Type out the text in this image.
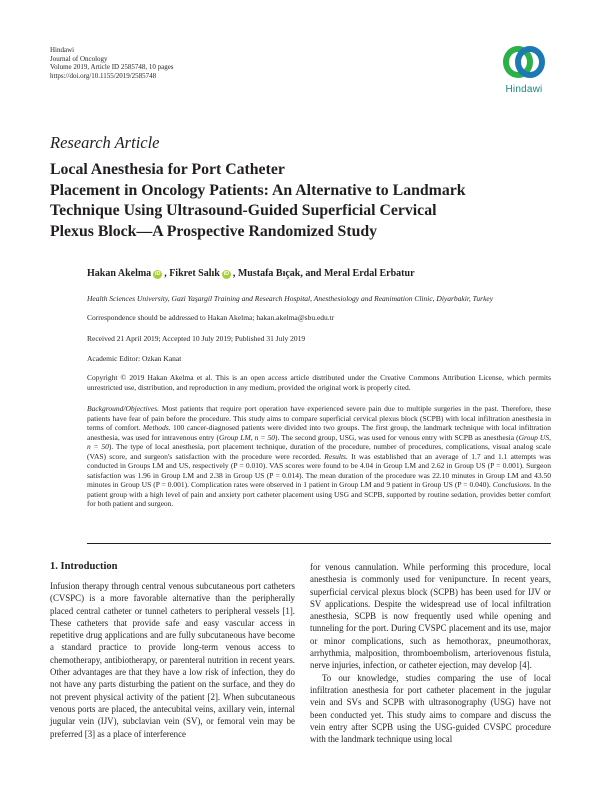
Hindawi
Journal of Oncology
Volume 2019, Article ID 2585748, 10 pages
https://doi.org/10.1155/2019/2585748
Hindawi
Research Article
Local Anesthesia for Port Catheter
Placement in Oncology Patients: An Alternative to Landmark
Technique Using Ultrasound-Guided Superficial Cervical
Plexus Block—A Prospective Randomized Study
Hakan Akelma iD , Fikret Salık iD , Mustafa Bıçak, and Meral Erdal Erbatur
Health Sciences University, Gazi Yaşargil Training and Research Hospital, Anesthesiology and Reanimation Clinic, Diyarbakir, Turkey
Correspondence should be addressed to Hakan Akelma; hakan.akelma@sbu.edu.tr
Received 21 April 2019; Accepted 10 July 2019; Published 31 July 2019
Academic Editor: Ozkan Kanat
Copyright © 2019 Hakan Akelma et al. This is an open access article distributed under the Creative Commons Attribution License, which permits unrestricted use, distribution, and reproduction in any medium, provided the original work is properly cited.
Background/Objectives. Most patients that require port operation have experienced severe pain due to multiple surgeries in the past. Therefore, these patients have fear of pain before the procedure. This study aims to compare superficial cervical plexus block (SCPB) with local infiltration anesthesia in terms of comfort. Methods. 100 cancer-diagnosed patients were divided into two groups. The first group, the landmark technique with local infiltration anesthesia, was used for intravenous entry (Group LM, n = 50). The second group, USG, was used for venous entry with SCPB as anesthesia (Group US, n = 50). The type of local anesthesia, port placement technique, duration of the procedure, number of procedures, complications, visual analog scale (VAS) score, and surgeon's satisfaction with the procedure were recorded. Results. It was established that an average of 1.7 and 1.1 attempts was conducted in Groups LM and US, respectively (P = 0.010). VAS scores were found to be 4.04 in Group LM and 2.62 in Group US (P = 0.001). Surgeon satisfaction was 1.96 in Group LM and 2.38 in Group US (P = 0.014). The mean duration of the procedure was 22.10 minutes in Group LM and 43.50 minutes in Group US (P = 0.001). Complication rates were observed in 1 patient in Group LM and 9 patient in Group US (P = 0.040). Conclusions. In the patient group with a high level of pain and anxiety port catheter placement using USG and SCPB, supported by routine sedation, provides better comfort for both patient and surgeon.
1. Introduction

Infusion therapy through central venous subcutaneous port catheters (CVSPC) is a more favorable alternative than the peripherally placed central catheter or tunnel catheters to peripheral vessels [1]. These catheters that provide safe and easy vascular access in repetitive drug applications and are fully subcutaneous have become a standard practice to provide long-term venous access to chemotherapy, antibiotherapy, or parenteral nutrition in recent years. Other advantages are that they have a low risk of infection, they do not have any parts disturbing the patient on the surface, and they do not prevent physical activity of the patient [2]. When subcutaneous venous ports are placed, the antecubital veins, axillary vein, internal jugular vein (IJV), subclavian vein (SV), or femoral vein may be preferred [3] as a place of interference

for venous cannulation. While performing this procedure, local anesthesia is commonly used for venipuncture. In recent years, superficial cervical plexus block (SCPB) has been used for IJV or SV applications. Despite the widespread use of local infiltration anesthesia, SCPB is now frequently used while opening and tunneling for the port. During CVSPC placement and its use, major or minor complications, such as hemothorax, pneumothorax, arrhythmia, malposition, thromboembolism, arteriovenous fistula, nerve injuries, infection, or catheter ejection, may develop [4].

To our knowledge, studies comparing the use of local infiltration anesthesia for port catheter placement in the jugular vein and SVs and SCPB with ultrasonography (USG) have not been conducted yet. This study aims to compare and discuss the vein entry after SCPB using the USG-guided CVSPC procedure with the landmark technique using local
